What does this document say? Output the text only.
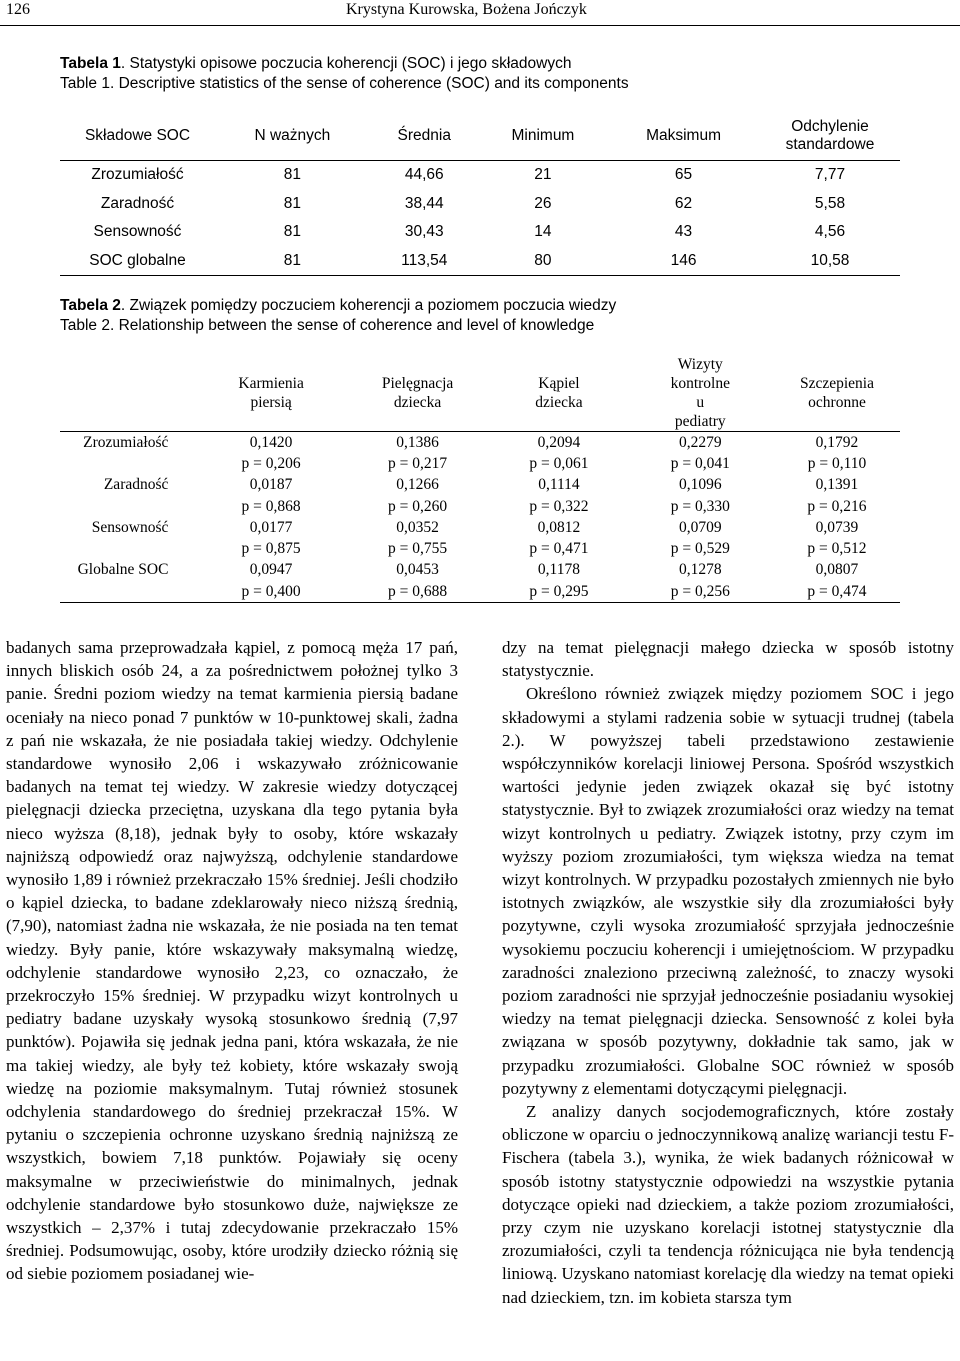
126	Krystyna Kurowska, Bożena Jończyk
Tabela 1. Statystyki opisowe poczucia koherencji (SOC) i jego składowych
Table 1. Descriptive statistics of the sense of coherence (SOC) and its components
Składowe SOC	N ważnych	Średnia	Minimum	Maksimum	Odchylenie standardowe
Zrozumiałość	81	44,66	21	65	7,77
Zaradność	81	38,44	26	62	5,58
Sensowność	81	30,43	14	43	4,56
SOC globalne	81	113,54	80	146	10,58
Tabela 2. Związek pomiędzy poczuciem koherencji a poziomem poczucia wiedzy
Table 2. Relationship between the sense of coherence and level of knowledge
	Karmienia piersią	Pielęgnacja dziecka	Kąpiel dziecka	Wizyty kontrolne u pediatry	Szczepienia ochronne
Zrozumiałość	0,1420	0,1386	0,2094	0,2279	0,1792
	p = 0,206	p = 0,217	p = 0,061	p = 0,041	p = 0,110
Zaradność	0,0187	0,1266	0,1114	0,1096	0,1391
	p = 0,868	p = 0,260	p = 0,322	p = 0,330	p = 0,216
Sensowność	0,0177	0,0352	0,0812	0,0709	0,0739
	p = 0,875	p = 0,755	p = 0,471	p = 0,529	p = 0,512
Globalne SOC	0,0947	0,0453	0,1178	0,1278	0,0807
	p = 0,400	p = 0,688	p = 0,295	p = 0,256	p = 0,474

badanych sama przeprowadzała kąpiel, z pomocą męża 17 pań, innych bliskich osób 24, a za pośrednictwem położnej tylko 3 panie. Średni poziom wiedzy na temat karmienia piersią badane oceniały na nieco ponad 7 punktów w 10-punktowej skali, żadna z pań nie wskazała, że nie posiadała takiej wiedzy. Odchylenie standardowe wynosiło 2,06 i wskazywało zróżnicowanie badanych na temat tej wiedzy. W zakresie wiedzy dotyczącej pielęgnacji dziecka przeciętna, uzyskana dla tego pytania była nieco wyższa (8,18), jednak były to osoby, które wskazały najniższą odpowiedź oraz najwyższą, odchylenie standardowe wynosiło 1,89 i również przekraczało 15% średniej. Jeśli chodziło o kąpiel dziecka, to badane zdeklarowały nieco niższą średnią, (7,90), natomiast żadna nie wskazała, że nie posiada na ten temat wiedzy. Były panie, które wskazywały maksymalną wiedzę, odchylenie standardowe wynosiło 2,23, co oznaczało, że przekroczyło 15% średniej. W przypadku wizyt kontrolnych u pediatry badane uzyskały wysoką stosunkowo średnią (7,97 punktów). Pojawiła się jednak jedna pani, która wskazała, że nie ma takiej wiedzy, ale były też kobiety, które wskazały swoją wiedzę na poziomie maksymalnym. Tutaj również stosunek odchylenia standardowego do średniej przekraczał 15%. W pytaniu o szczepienia ochronne uzyskano średnią najniższą ze wszystkich, bowiem 7,18 punktów. Pojawiały się oceny maksymalne w przeciwieństwie do minimalnych, jednak odchylenie standardowe było stosunkowo duże, największe ze wszystkich – 2,37% i tutaj zdecydowanie przekraczało 15% średniej. Podsumowując, osoby, które urodziły dziecko różnią się od siebie poziomem posiadanej wie-

dzy na temat pielęgnacji małego dziecka w sposób istotny statystycznie.

Określono również związek między poziomem SOC i jego składowymi a stylami radzenia sobie w sytuacji trudnej (tabela 2.). W powyższej tabeli przedstawiono zestawienie współczynników korelacji liniowej Persona. Spośród wszystkich wartości jedynie jeden związek okazał się być istotny statystycznie. Był to związek zrozumiałości oraz wiedzy na temat wizyt kontrolnych u pediatry. Związek istotny, przy czym im wyższy poziom zrozumiałości, tym większa wiedza na temat wizyt kontrolnych. W przypadku pozostałych zmiennych nie było istotnych związków, ale wszystkie siły dla zrozumiałości były pozytywne, czyli wysoka zrozumiałość sprzyjała jednocześnie wysokiemu poczuciu koherencji i umiejętnościom. W przypadku zaradności znaleziono przeciwną zależność, to znaczy wysoki poziom zaradności nie sprzyjał jednocześnie posiadaniu wysokiej wiedzy na temat pielęgnacji dziecka. Sensowność z kolei była związana w sposób pozytywny, dokładnie tak samo, jak w przypadku zrozumiałości. Globalne SOC również w sposób pozytywny z elementami dotyczącymi pielęgnacji.

Z analizy danych socjodemograficznych, które zostały obliczone w oparciu o jednoczynnikową analizę wariancji testu F-Fischera (tabela 3.), wynika, że wiek badanych różnicował w sposób istotny statystycznie odpowiedzi na wszystkie pytania dotyczące opieki nad dzieckiem, a także poziom zrozumiałości, przy czym nie uzyskano korelacji istotnej statystycznie dla zrozumiałości, czyli ta tendencja różnicująca nie była tendencją liniową. Uzyskano natomiast korelację dla wiedzy na temat opieki nad dzieckiem, tzn. im kobieta starsza tym
